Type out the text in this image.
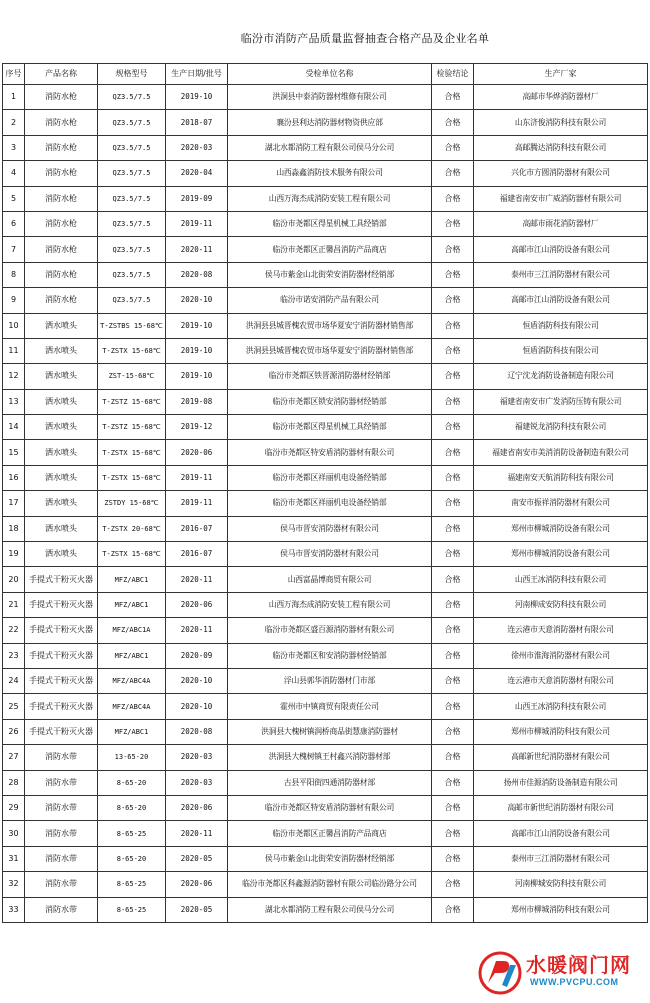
临汾市消防产品质量监督抽查合格产品及企业名单
序号	产品名称	规格型号	生产日期/批号	受检单位名称	检验结论	生产厂家
1	消防水枪	QZ3.5/7.5	2019-10	洪洞县中泰消防器材维修有限公司	合格	高邮市华烨消防器材厂
2	消防水枪	QZ3.5/7.5	2018-07	襄汾县利达消防器材物资供应部	合格	山东济俊消防科技有限公司
3	消防水枪	QZ3.5/7.5	2020-03	湖北水都消防工程有限公司侯马分公司	合格	高邮腾达消防科技有限公司
4	消防水枪	QZ3.5/7.5	2020-04	山西淼鑫消防技术服务有限公司	合格	兴化市方圆消防器材有限公司
5	消防水枪	QZ3.5/7.5	2019-09	山西万海杰成消防安装工程有限公司	合格	福建省南安市广威消防器材有限公司
6	消防水枪	QZ3.5/7.5	2019-11	临汾市尧都区得星机械工具经销部	合格	高邮市雨花消防器材厂
7	消防水枪	QZ3.5/7.5	2020-11	临汾市尧都区正馨昌消防产品商店	合格	高邮市江山消防设备有限公司
8	消防水枪	QZ3.5/7.5	2020-08	侯马市紫金山北街荣安消防器材经销部	合格	泰州市三江消防器材有限公司
9	消防水枪	QZ3.5/7.5	2020-10	临汾市诺安消防产品有限公司	合格	高邮市江山消防设备有限公司
10	洒水喷头	T-ZSTBS 15-68℃	2019-10	洪洞县县城晋槐农贸市场华夏安宁消防器材销售部	合格	恒盾消防科技有限公司
11	洒水喷头	T-ZSTX 15-68℃	2019-10	洪洞县县城晋槐农贸市场华夏安宁消防器材销售部	合格	恒盾消防科技有限公司
12	洒水喷头	ZST-15-68℃	2019-10	临汾市尧都区铁晋源消防器材经销部	合格	辽宁沈龙消防设备制造有限公司
13	洒水喷头	T-ZSTZ 15-68℃	2019-08	临汾市尧都区锁安消防器材经销部	合格	福建省南安市广发消防压铸有限公司
14	洒水喷头	T-ZSTZ 15-68℃	2019-12	临汾市尧都区得星机械工具经销部	合格	福建锐龙消防科技有限公司
15	洒水喷头	T-ZSTX 15-68℃	2020-06	临汾市尧都区特安盾消防器材有限公司	合格	福建省南安市美消消防设备制造有限公司
16	洒水喷头	T-ZSTX 15-68℃	2019-11	临汾市尧都区祥丽机电设备经销部	合格	福建南安天航消防科技有限公司
17	洒水喷头	ZSTDY 15-68℃	2019-11	临汾市尧都区祥丽机电设备经销部	合格	南安市振祥消防器材有限公司
18	洒水喷头	T-ZSTX 20-68℃	2016-07	侯马市晋安消防器材有限公司	合格	郑州市柳城消防设备有限公司
19	洒水喷头	T-ZSTX 15-68℃	2016-07	侯马市晋安消防器材有限公司	合格	郑州市柳城消防设备有限公司
20	手提式干粉灭火器	MFZ/ABC1	2020-11	山西富晶博商贸有限公司	合格	山西王冰消防科技有限公司
21	手提式干粉灭火器	MFZ/ABC1	2020-06	山西万海杰成消防安装工程有限公司	合格	河南柳成安防科技有限公司
22	手提式干粉灭火器	MFZ/ABC1A	2020-11	临汾市尧都区盛百源消防器材有限公司	合格	连云港市天意消防器材有限公司
23	手提式干粉灭火器	MFZ/ABC1	2020-09	临汾市尧都区和安消防器材经销部	合格	徐州市淮海消防器材有限公司
24	手提式干粉灭火器	MFZ/ABC4A	2020-10	浮山县郭华消防器材门市部	合格	连云港市天意消防器材有限公司
25	手提式干粉灭火器	MFZ/ABC4A	2020-10	霍州市中镇商贸有限责任公司	合格	山西王冰消防科技有限公司
26	手提式干粉灭火器	MFZ/ABC1	2020-08	洪洞县大槐树镇润桥商品街慧康消防器材	合格	郑州市柳城消防科技有限公司
27	消防水带	13-65-20	2020-03	洪洞县大槐树镇王村鑫兴消防器材部	合格	高邮新世纪消防器材有限公司
28	消防水带	8-65-20	2020-03	古县平阳街四通消防器材部	合格	扬州市佳源消防设备制造有限公司
29	消防水带	8-65-20	2020-06	临汾市尧都区特安盾消防器材有限公司	合格	高邮市新世纪消防器材有限公司
30	消防水带	8-65-25	2020-11	临汾市尧都区正馨昌消防产品商店	合格	高邮市江山消防设备有限公司
31	消防水带	8-65-20	2020-05	侯马市紫金山北街荣安消防器材经销部	合格	泰州市三江消防器材有限公司
32	消防水带	8-65-25	2020-06	临汾市尧都区科鑫源消防器材有限公司临汾路分公司	合格	河南柳城安防科技有限公司
33	消防水带	8-65-25	2020-05	湖北水都消防工程有限公司侯马分公司	合格	郑州市柳城消防科技有限公司
水暖阀门网
WWW.PVCPU.COM
